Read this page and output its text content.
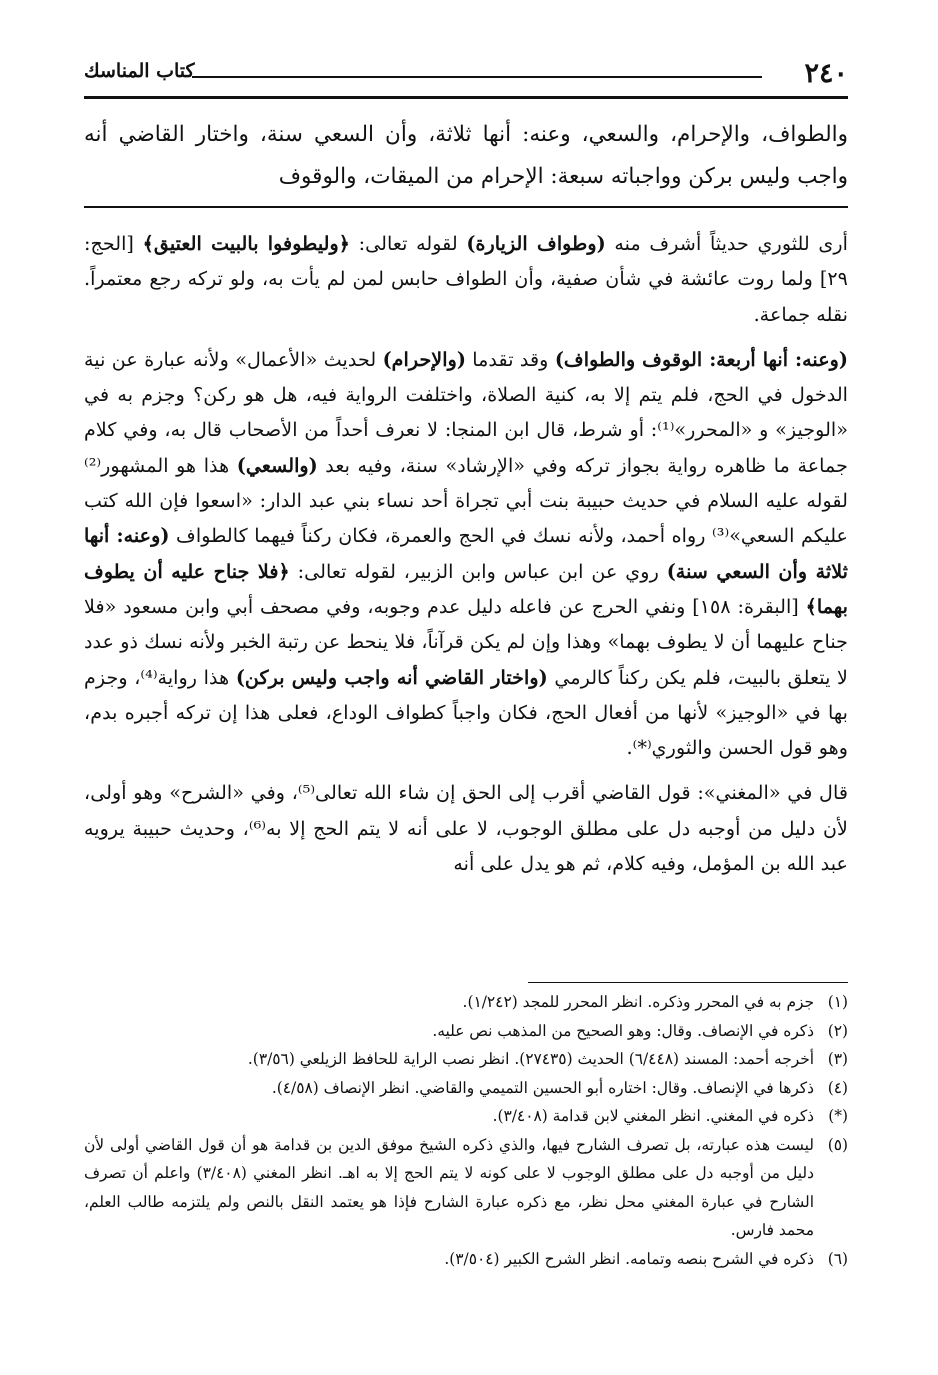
٢٤٠
كتاب المناسك
والطواف، والإحرام، والسعي، وعنه: أنها ثلاثة، وأن السعي سنة، واختار القاضي أنه واجب وليس بركن وواجباته سبعة: الإحرام من الميقات، والوقوف

أرى للثوري حديثاً أشرف منه (وطواف الزيارة) لقوله تعالى: ﴿وليطوفوا بالبيت العتيق﴾ [الحج: ٢٩] ولما روت عائشة في شأن صفية، وأن الطواف حابس لمن لم يأت به، ولو تركه رجع معتمراً. نقله جماعة.

(وعنه: أنها أربعة: الوقوف والطواف) وقد تقدما (والإحرام) لحديث «الأعمال» ولأنه عبارة عن نية الدخول في الحج، فلم يتم إلا به، كنية الصلاة، واختلفت الرواية فيه، هل هو ركن؟ وجزم به في «الوجيز» و «المحرر»⁽¹⁾: أو شرط، قال ابن المنجا: لا نعرف أحداً من الأصحاب قال به، وفي كلام جماعة ما ظاهره رواية بجواز تركه وفي «الإرشاد» سنة، وفيه بعد (والسعي) هذا هو المشهور⁽²⁾ لقوله عليه السلام في حديث حبيبة بنت أبي تجراة أحد نساء بني عبد الدار: «اسعوا فإن الله كتب عليكم السعي»⁽³⁾ رواه أحمد، ولأنه نسك في الحج والعمرة، فكان ركناً فيهما كالطواف (وعنه: أنها ثلاثة وأن السعي سنة) روي عن ابن عباس وابن الزبير، لقوله تعالى: ﴿فلا جناح عليه أن يطوف بهما﴾ [البقرة: ١٥٨] ونفي الحرج عن فاعله دليل عدم وجوبه، وفي مصحف أبي وابن مسعود «فلا جناح عليهما أن لا يطوف بهما» وهذا وإن لم يكن قرآناً، فلا ينحط عن رتبة الخبر ولأنه نسك ذو عدد لا يتعلق بالبيت، فلم يكن ركناً كالرمي (واختار القاضي أنه واجب وليس بركن) هذا رواية⁽⁴⁾، وجزم بها في «الوجيز» لأنها من أفعال الحج، فكان واجباً كطواف الوداع، فعلى هذا إن تركه أجبره بدم، وهو قول الحسن والثوري⁽*⁾.

قال في «المغني»: قول القاضي أقرب إلى الحق إن شاء الله تعالى⁽⁵⁾، وفي «الشرح» وهو أولى، لأن دليل من أوجبه دل على مطلق الوجوب، لا على أنه لا يتم الحج إلا به⁽⁶⁾، وحديث حبيبة يرويه عبد الله بن المؤمل، وفيه كلام، ثم هو يدل على أنه

(١)
جزم به في المحرر وذكره. انظر المحرر للمجد (١/٢٤٢).

(٢)
ذكره في الإنصاف. وقال: وهو الصحيح من المذهب نص عليه.

(٣)
أخرجه أحمد: المسند (٦/٤٤٨) الحديث (٢٧٤٣٥). انظر نصب الراية للحافظ الزيلعي (٣/٥٦).

(٤)
ذكرها في الإنصاف. وقال: اختاره أبو الحسين التميمي والقاضي. انظر الإنصاف (٤/٥٨).

(*)
ذكره في المغني. انظر المغني لابن قدامة (٣/٤٠٨).

(٥)
ليست هذه عبارته، بل تصرف الشارح فيها، والذي ذكره الشيخ موفق الدين بن قدامة هو أن قول القاضي أولى لأن دليل من أوجبه دل على مطلق الوجوب لا على كونه لا يتم الحج إلا به اهـ. انظر المغني (٣/٤٠٨) واعلم أن تصرف الشارح في عبارة المغني محل نظر، مع ذكره عبارة الشارح فإذا هو يعتمد النقل بالنص ولم يلتزمه طالب العلم، محمد فارس.

(٦)
ذكره في الشرح بنصه وتمامه. انظر الشرح الكبير (٣/٥٠٤).
